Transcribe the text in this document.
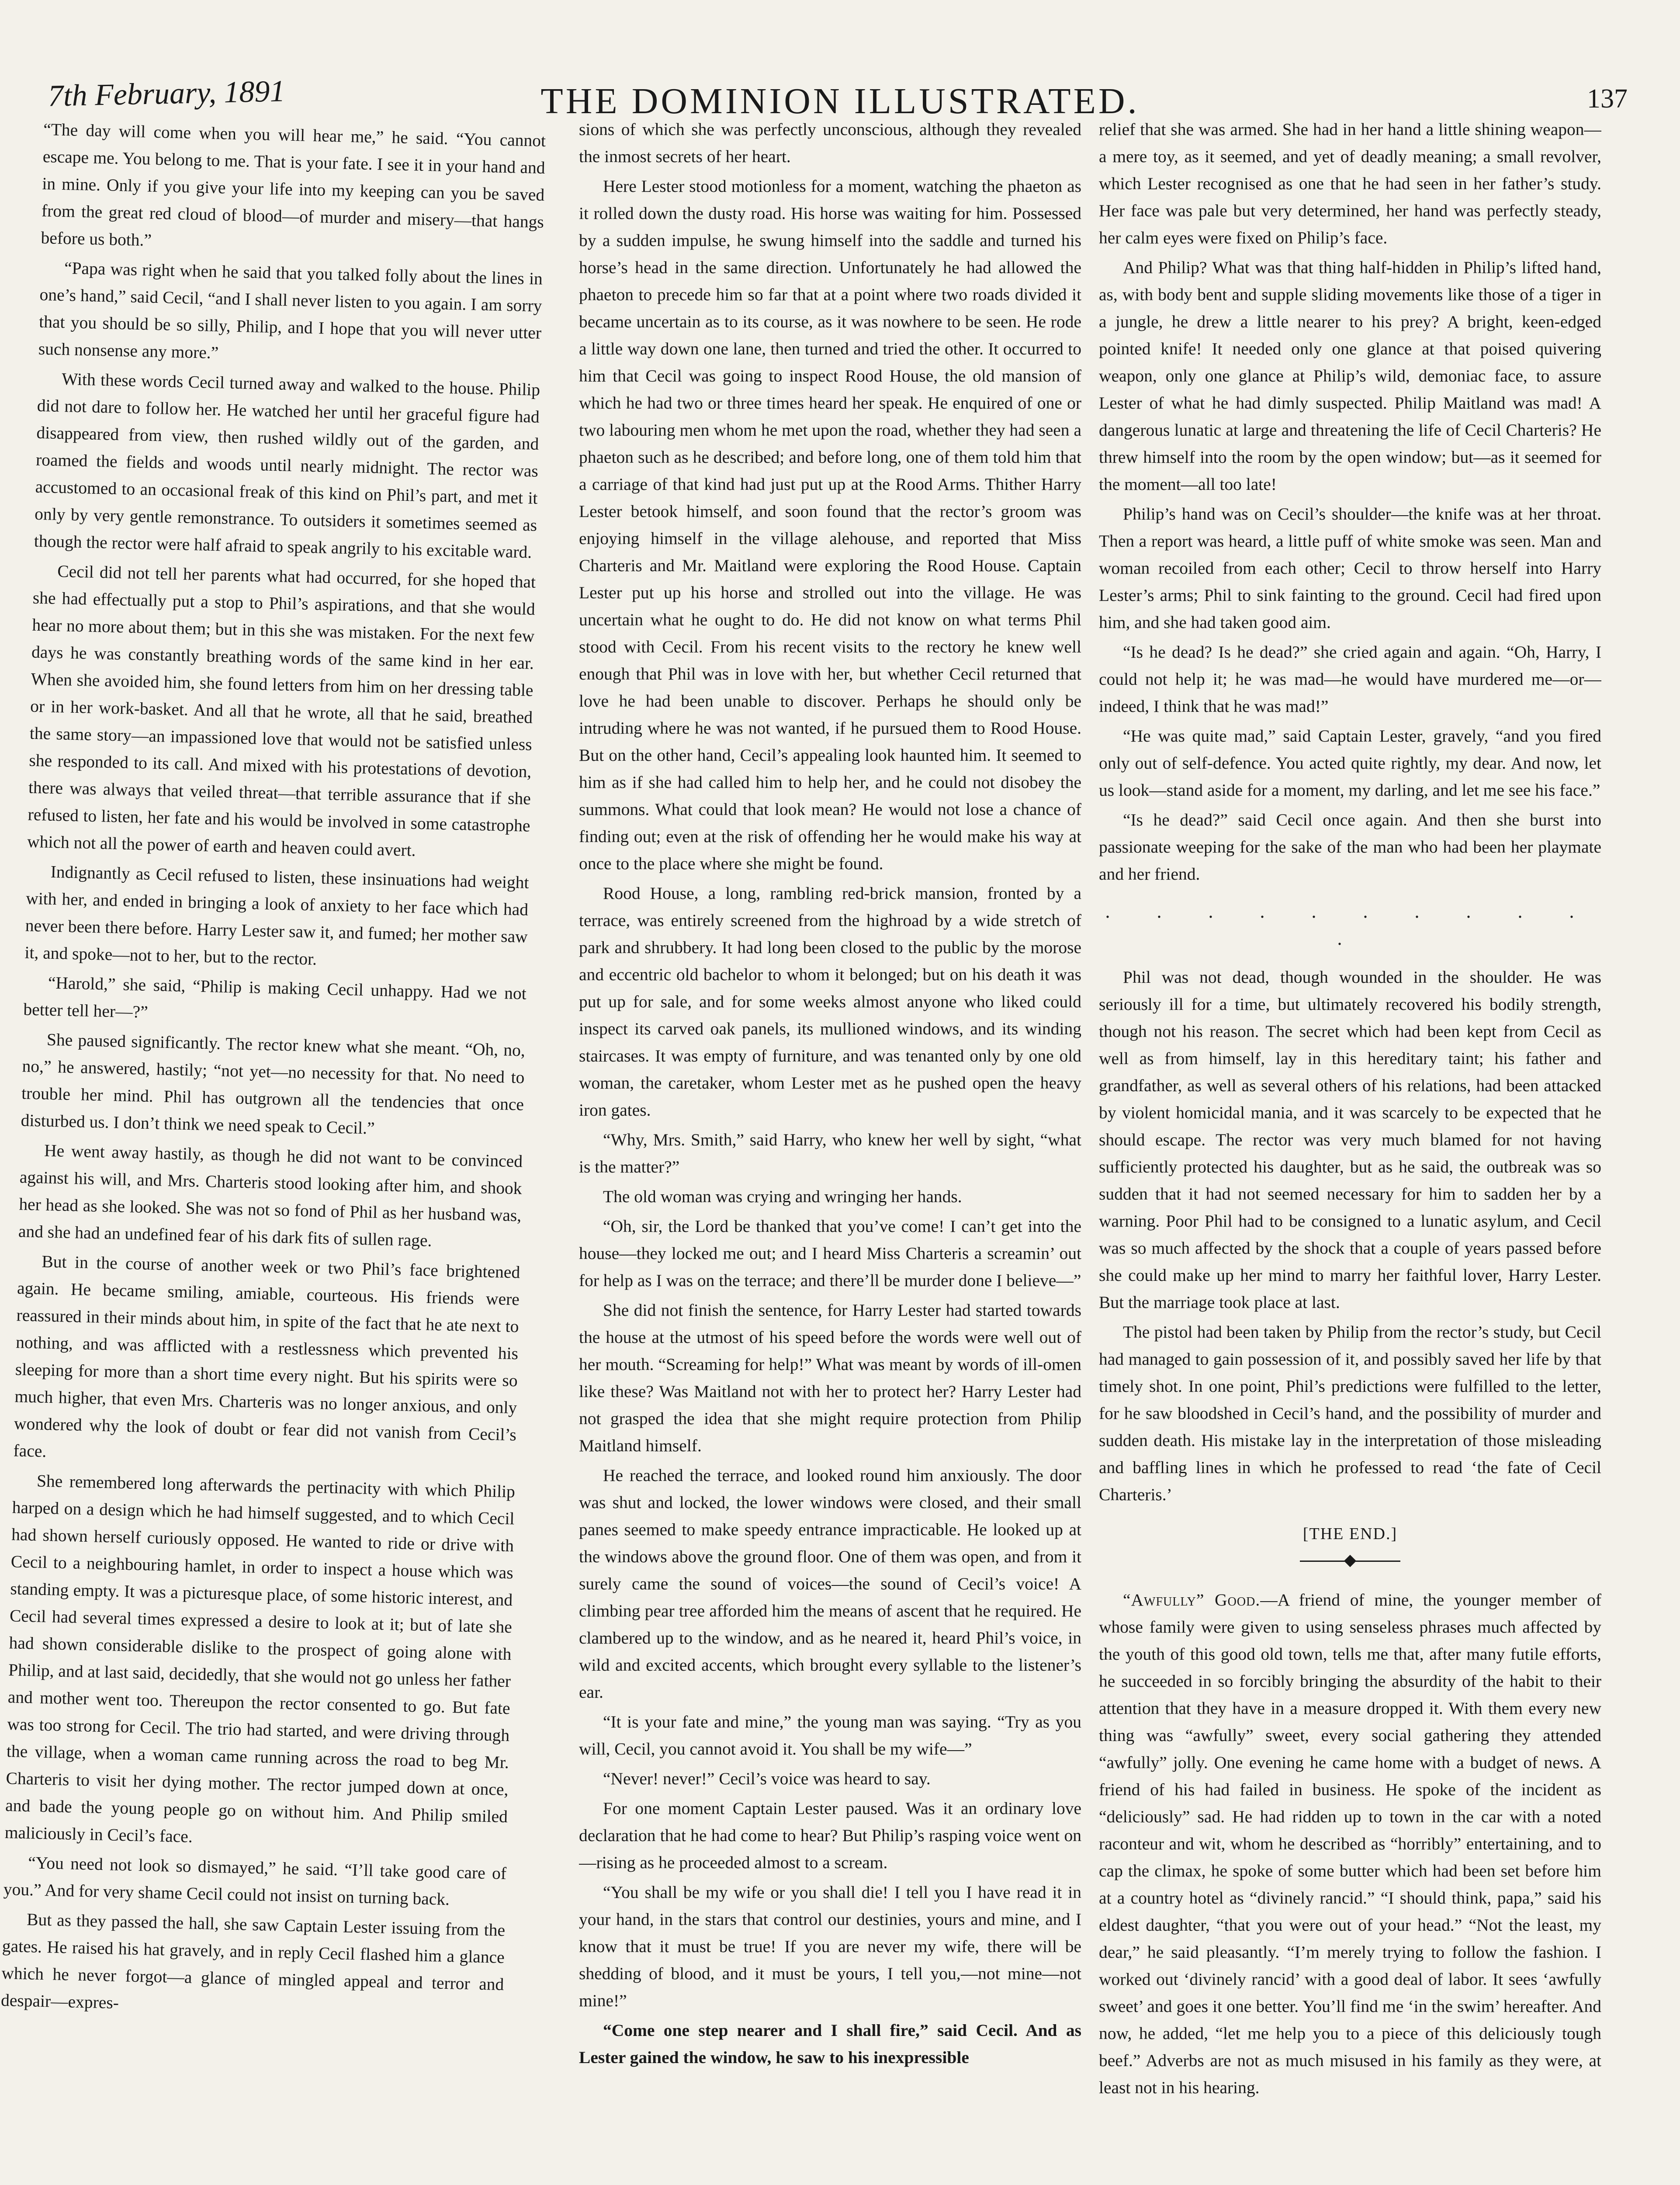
7th February, 1891	THE DOMINION ILLUSTRATED.	137

“The day will come when you will hear me,” he said. “You cannot escape me. You belong to me. That is your fate. I see it in your hand and in mine. Only if you give your life into my keeping can you be saved from the great red cloud of blood—of murder and misery—that hangs before us both.”

“Papa was right when he said that you talked folly about the lines in one’s hand,” said Cecil, “and I shall never listen to you again. I am sorry that you should be so silly, Philip, and I hope that you will never utter such nonsense any more.”

With these words Cecil turned away and walked to the house. Philip did not dare to follow her. He watched her until her graceful figure had disappeared from view, then rushed wildly out of the garden, and roamed the fields and woods until nearly midnight. The rector was accustomed to an occasional freak of this kind on Phil’s part, and met it only by very gentle remonstrance. To outsiders it sometimes seemed as though the rector were half afraid to speak angrily to his excitable ward.

Cecil did not tell her parents what had occurred, for she hoped that she had effectually put a stop to Phil’s aspirations, and that she would hear no more about them; but in this she was mistaken. For the next few days he was constantly breathing words of the same kind in her ear. When she avoided him, she found letters from him on her dressing table or in her work-basket. And all that he wrote, all that he said, breathed the same story—an impassioned love that would not be satisfied unless she responded to its call. And mixed with his protestations of devotion, there was always that veiled threat—that terrible assurance that if she refused to listen, her fate and his would be involved in some catastrophe which not all the power of earth and heaven could avert.

Indignantly as Cecil refused to listen, these insinuations had weight with her, and ended in bringing a look of anxiety to her face which had never been there before. Harry Lester saw it, and fumed; her mother saw it, and spoke—not to her, but to the rector.

“Harold,” she said, “Philip is making Cecil unhappy. Had we not better tell her—?”

She paused significantly. The rector knew what she meant. “Oh, no, no,” he answered, hastily; “not yet—no necessity for that. No need to trouble her mind. Phil has outgrown all the tendencies that once disturbed us. I don’t think we need speak to Cecil.”

He went away hastily, as though he did not want to be convinced against his will, and Mrs. Charteris stood looking after him, and shook her head as she looked. She was not so fond of Phil as her husband was, and she had an undefined fear of his dark fits of sullen rage.

But in the course of another week or two Phil’s face brightened again. He became smiling, amiable, courteous. His friends were reassured in their minds about him, in spite of the fact that he ate next to nothing, and was afflicted with a restlessness which prevented his sleeping for more than a short time every night. But his spirits were so much higher, that even Mrs. Charteris was no longer anxious, and only wondered why the look of doubt or fear did not vanish from Cecil’s face.

She remembered long afterwards the pertinacity with which Philip harped on a design which he had himself suggested, and to which Cecil had shown herself curiously opposed. He wanted to ride or drive with Cecil to a neighbouring hamlet, in order to inspect a house which was standing empty. It was a picturesque place, of some historic interest, and Cecil had several times expressed a desire to look at it; but of late she had shown considerable dislike to the prospect of going alone with Philip, and at last said, decidedly, that she would not go unless her father and mother went too. Thereupon the rector consented to go. But fate was too strong for Cecil. The trio had started, and were driving through the village, when a woman came running across the road to beg Mr. Charteris to visit her dying mother. The rector jumped down at once, and bade the young people go on without him. And Philip smiled maliciously in Cecil’s face.

“You need not look so dismayed,” he said. “I’ll take good care of you.” And for very shame Cecil could not insist on turning back.

But as they passed the hall, she saw Captain Lester issuing from the gates. He raised his hat gravely, and in reply Cecil flashed him a glance which he never forgot—a glance of mingled appeal and terror and despair—expres-

sions of which she was perfectly unconscious, although they revealed the inmost secrets of her heart.

Here Lester stood motionless for a moment, watching the phaeton as it rolled down the dusty road. His horse was waiting for him. Possessed by a sudden impulse, he swung himself into the saddle and turned his horse’s head in the same direction. Unfortunately he had allowed the phaeton to precede him so far that at a point where two roads divided it became uncertain as to its course, as it was nowhere to be seen. He rode a little way down one lane, then turned and tried the other. It occurred to him that Cecil was going to inspect Rood House, the old mansion of which he had two or three times heard her speak. He enquired of one or two labouring men whom he met upon the road, whether they had seen a phaeton such as he described; and before long, one of them told him that a carriage of that kind had just put up at the Rood Arms. Thither Harry Lester betook himself, and soon found that the rector’s groom was enjoying himself in the village alehouse, and reported that Miss Charteris and Mr. Maitland were exploring the Rood House. Captain Lester put up his horse and strolled out into the village. He was uncertain what he ought to do. He did not know on what terms Phil stood with Cecil. From his recent visits to the rectory he knew well enough that Phil was in love with her, but whether Cecil returned that love he had been unable to discover. Perhaps he should only be intruding where he was not wanted, if he pursued them to Rood House. But on the other hand, Cecil’s appealing look haunted him. It seemed to him as if she had called him to help her, and he could not disobey the summons. What could that look mean? He would not lose a chance of finding out; even at the risk of offending her he would make his way at once to the place where she might be found.

Rood House, a long, rambling red-brick mansion, fronted by a terrace, was entirely screened from the highroad by a wide stretch of park and shrubbery. It had long been closed to the public by the morose and eccentric old bachelor to whom it belonged; but on his death it was put up for sale, and for some weeks almost anyone who liked could inspect its carved oak panels, its mullioned windows, and its winding staircases. It was empty of furniture, and was tenanted only by one old woman, the caretaker, whom Lester met as he pushed open the heavy iron gates.

“Why, Mrs. Smith,” said Harry, who knew her well by sight, “what is the matter?”

The old woman was crying and wringing her hands.

“Oh, sir, the Lord be thanked that you’ve come! I can’t get into the house—they locked me out; and I heard Miss Charteris a screamin’ out for help as I was on the terrace; and there’ll be murder done I believe—”

She did not finish the sentence, for Harry Lester had started towards the house at the utmost of his speed before the words were well out of her mouth. “Screaming for help!” What was meant by words of ill-omen like these? Was Maitland not with her to protect her? Harry Lester had not grasped the idea that she might require protection from Philip Maitland himself.

He reached the terrace, and looked round him anxiously. The door was shut and locked, the lower windows were closed, and their small panes seemed to make speedy entrance impracticable. He looked up at the windows above the ground floor. One of them was open, and from it surely came the sound of voices—the sound of Cecil’s voice! A climbing pear tree afforded him the means of ascent that he required. He clambered up to the window, and as he neared it, heard Phil’s voice, in wild and excited accents, which brought every syllable to the listener’s ear.

“It is your fate and mine,” the young man was saying. “Try as you will, Cecil, you cannot avoid it. You shall be my wife—”

“Never! never!” Cecil’s voice was heard to say.

For one moment Captain Lester paused. Was it an ordinary love declaration that he had come to hear? But Philip’s rasping voice went on—rising as he proceeded almost to a scream.

“You shall be my wife or you shall die! I tell you I have read it in your hand, in the stars that control our destinies, yours and mine, and I know that it must be true! If you are never my wife, there will be shedding of blood, and it must be yours, I tell you,—not mine—not mine!”

“Come one step nearer and I shall fire,” said Cecil. And as Lester gained the window, he saw to his inexpressible

relief that she was armed. She had in her hand a little shining weapon—a mere toy, as it seemed, and yet of deadly meaning; a small revolver, which Lester recognised as one that he had seen in her father’s study. Her face was pale but very determined, her hand was perfectly steady, her calm eyes were fixed on Philip’s face.

And Philip? What was that thing half-hidden in Philip’s lifted hand, as, with body bent and supple sliding movements like those of a tiger in a jungle, he drew a little nearer to his prey? A bright, keen-edged pointed knife! It needed only one glance at that poised quivering weapon, only one glance at Philip’s wild, demoniac face, to assure Lester of what he had dimly suspected. Philip Maitland was mad! A dangerous lunatic at large and threatening the life of Cecil Charteris? He threw himself into the room by the open window; but—as it seemed for the moment—all too late!

Philip’s hand was on Cecil’s shoulder—the knife was at her throat. Then a report was heard, a little puff of white smoke was seen. Man and woman recoiled from each other; Cecil to throw herself into Harry Lester’s arms; Phil to sink fainting to the ground. Cecil had fired upon him, and she had taken good aim.

“Is he dead? Is he dead?” she cried again and again. “Oh, Harry, I could not help it; he was mad—he would have murdered me—or—indeed, I think that he was mad!”

“He was quite mad,” said Captain Lester, gravely, “and you fired only out of self-defence. You acted quite rightly, my dear. And now, let us look—stand aside for a moment, my darling, and let me see his face.”

“Is he dead?” said Cecil once again. And then she burst into passionate weeping for the sake of the man who had been her playmate and her friend.

. . . . . . . . . . .

Phil was not dead, though wounded in the shoulder. He was seriously ill for a time, but ultimately recovered his bodily strength, though not his reason. The secret which had been kept from Cecil as well as from himself, lay in this hereditary taint; his father and grandfather, as well as several others of his relations, had been attacked by violent homicidal mania, and it was scarcely to be expected that he should escape. The rector was very much blamed for not having sufficiently protected his daughter, but as he said, the outbreak was so sudden that it had not seemed necessary for him to sadden her by a warning. Poor Phil had to be consigned to a lunatic asylum, and Cecil was so much affected by the shock that a couple of years passed before she could make up her mind to marry her faithful lover, Harry Lester. But the marriage took place at last.

The pistol had been taken by Philip from the rector’s study, but Cecil had managed to gain possession of it, and possibly saved her life by that timely shot. In one point, Phil’s predictions were fulfilled to the letter, for he saw bloodshed in Cecil’s hand, and the possibility of murder and sudden death. His mistake lay in the interpretation of those misleading and baffling lines in which he professed to read ‘the fate of Cecil Charteris.’

[THE END.]

“Awfully” Good.—A friend of mine, the younger member of whose family were given to using senseless phrases much affected by the youth of this good old town, tells me that, after many futile efforts, he succeeded in so forcibly bringing the absurdity of the habit to their attention that they have in a measure dropped it. With them every new thing was “awfully” sweet, every social gathering they attended “awfully” jolly. One evening he came home with a budget of news. A friend of his had failed in business. He spoke of the incident as “deliciously” sad. He had ridden up to town in the car with a noted raconteur and wit, whom he described as “horribly” entertaining, and to cap the climax, he spoke of some butter which had been set before him at a country hotel as “divinely rancid.” “I should think, papa,” said his eldest daughter, “that you were out of your head.” “Not the least, my dear,” he said pleasantly. “I’m merely trying to follow the fashion. I worked out ‘divinely rancid’ with a good deal of labor. It sees ‘awfully sweet’ and goes it one better. You’ll find me ‘in the swim’ hereafter. And now, he added, “let me help you to a piece of this deliciously tough beef.” Adverbs are not as much misused in his family as they were, at least not in his hearing.
